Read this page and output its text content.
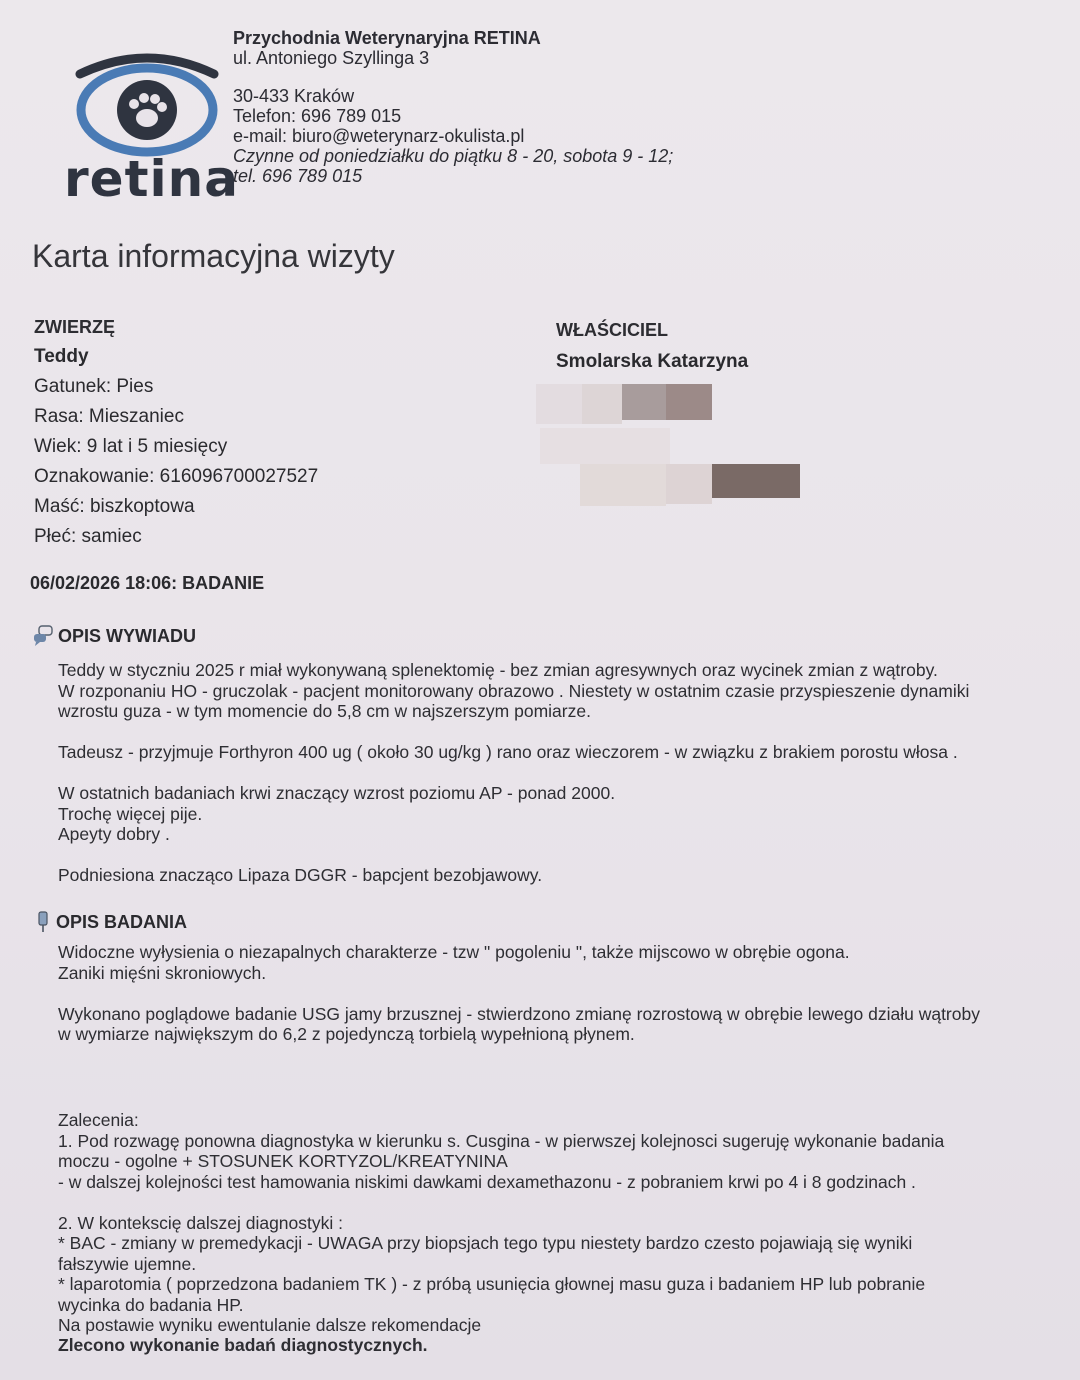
retina
Przychodnia Weterynaryjna RETINA
ul. Antoniego Szyllinga 3
30-433 Kraków
Telefon: 696 789 015
e-mail: biuro@weterynarz-okulista.pl
Czynne od poniedziałku do piątku 8 - 20, sobota 9 - 12;
tel. 696 789 015
Karta informacyjna wizyty
ZWIERZĘ
Teddy
Gatunek: Pies
Rasa: Mieszaniec
Wiek: 9 lat i 5 miesięcy
Oznakowanie: 616096700027527
Maść: biszkoptowa
Płeć: samiec
WŁAŚCICIEL
Smolarska Katarzyna
06/02/2026 18:06: BADANIE
OPIS WYWIADU

Teddy w styczniu 2025 r miał wykonywaną splenektomię - bez zmian agresywnych oraz wycinek zmian z wątroby.

W rozponaniu HO - gruczolak - pacjent monitorowany obrazowo . Niestety w ostatnim czasie przyspieszenie dynamiki

wzrostu guza - w tym momencie do 5,8 cm w najszerszym pomiarze.

Tadeusz - przyjmuje Forthyron 400 ug ( około 30 ug/kg ) rano oraz wieczorem - w związku z brakiem porostu włosa .

W ostatnich badaniach krwi znaczący wzrost poziomu AP - ponad 2000.

Trochę więcej pije.

Apeyty dobry .

Podniesiona znacząco Lipaza DGGR - bapcjent bezobjawowy.

OPIS BADANIA

Widoczne wyłysienia o niezapalnych charakterze - tzw " pogoleniu ", także mijscowo w obrębie ogona.

Zaniki mięśni skroniowych.

Wykonano poglądowe badanie USG jamy brzusznej - stwierdzono zmianę rozrostową w obrębie lewego działu wątroby

w wymiarze największym do 6,2 z pojedynczą torbielą wypełnioną płynem.

Zalecenia:

1. Pod rozwagę ponowna diagnostyka w kierunku s. Cusgina - w pierwszej kolejnosci sugeruję wykonanie badania

moczu - ogolne + STOSUNEK KORTYZOL/KREATYNINA

- w dalszej kolejności test hamowania niskimi dawkami dexamethazonu - z pobraniem krwi po 4 i 8 godzinach .

2. W kontekscię dalszej diagnostyki :

* BAC - zmiany w premedykacji - UWAGA przy biopsjach tego typu niestety bardzo czesto pojawiają się wyniki

fałszywie ujemne.

* laparotomia ( poprzedzona badaniem TK ) - z próbą usunięcia głownej masu guza i badaniem HP lub pobranie

wycinka do badania HP.

Na postawie wyniku ewentulanie dalsze rekomendacje

Zlecono wykonanie badań diagnostycznych.
